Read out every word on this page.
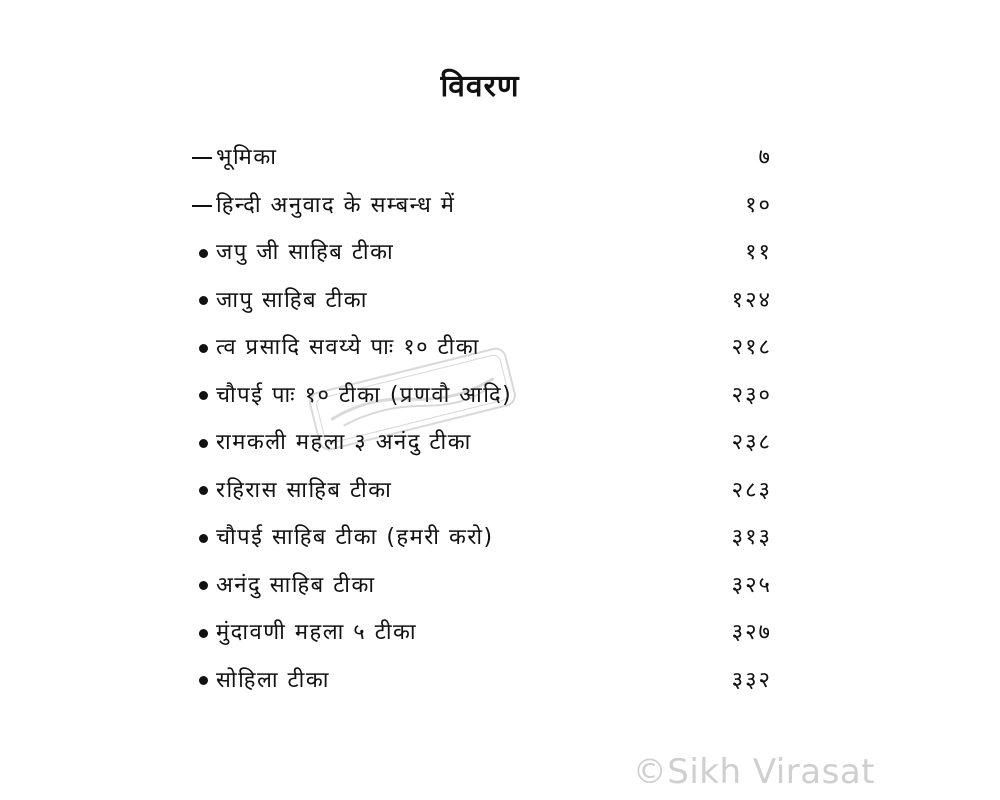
विवरण
भूमिका	७
हिन्दी अनुवाद के सम्बन्ध में	१०
जपु जी साहिब टीका	११
जापु साहिब टीका	१२४
त्व प्रसादि सवय्ये पाः १० टीका	२१८
चौपई पाः १० टीका (प्रणवौ आदि)	२३०
रामकली महला ३ अनंदु टीका	२३८
रहिरास साहिब टीका	२८३
चौपई साहिब टीका (हमरी करो)	३१३
अनंदु साहिब टीका	३२५
मुंदावणी महला ५ टीका	३२७
सोहिला टीका	३३२
©Sikh Virasat
